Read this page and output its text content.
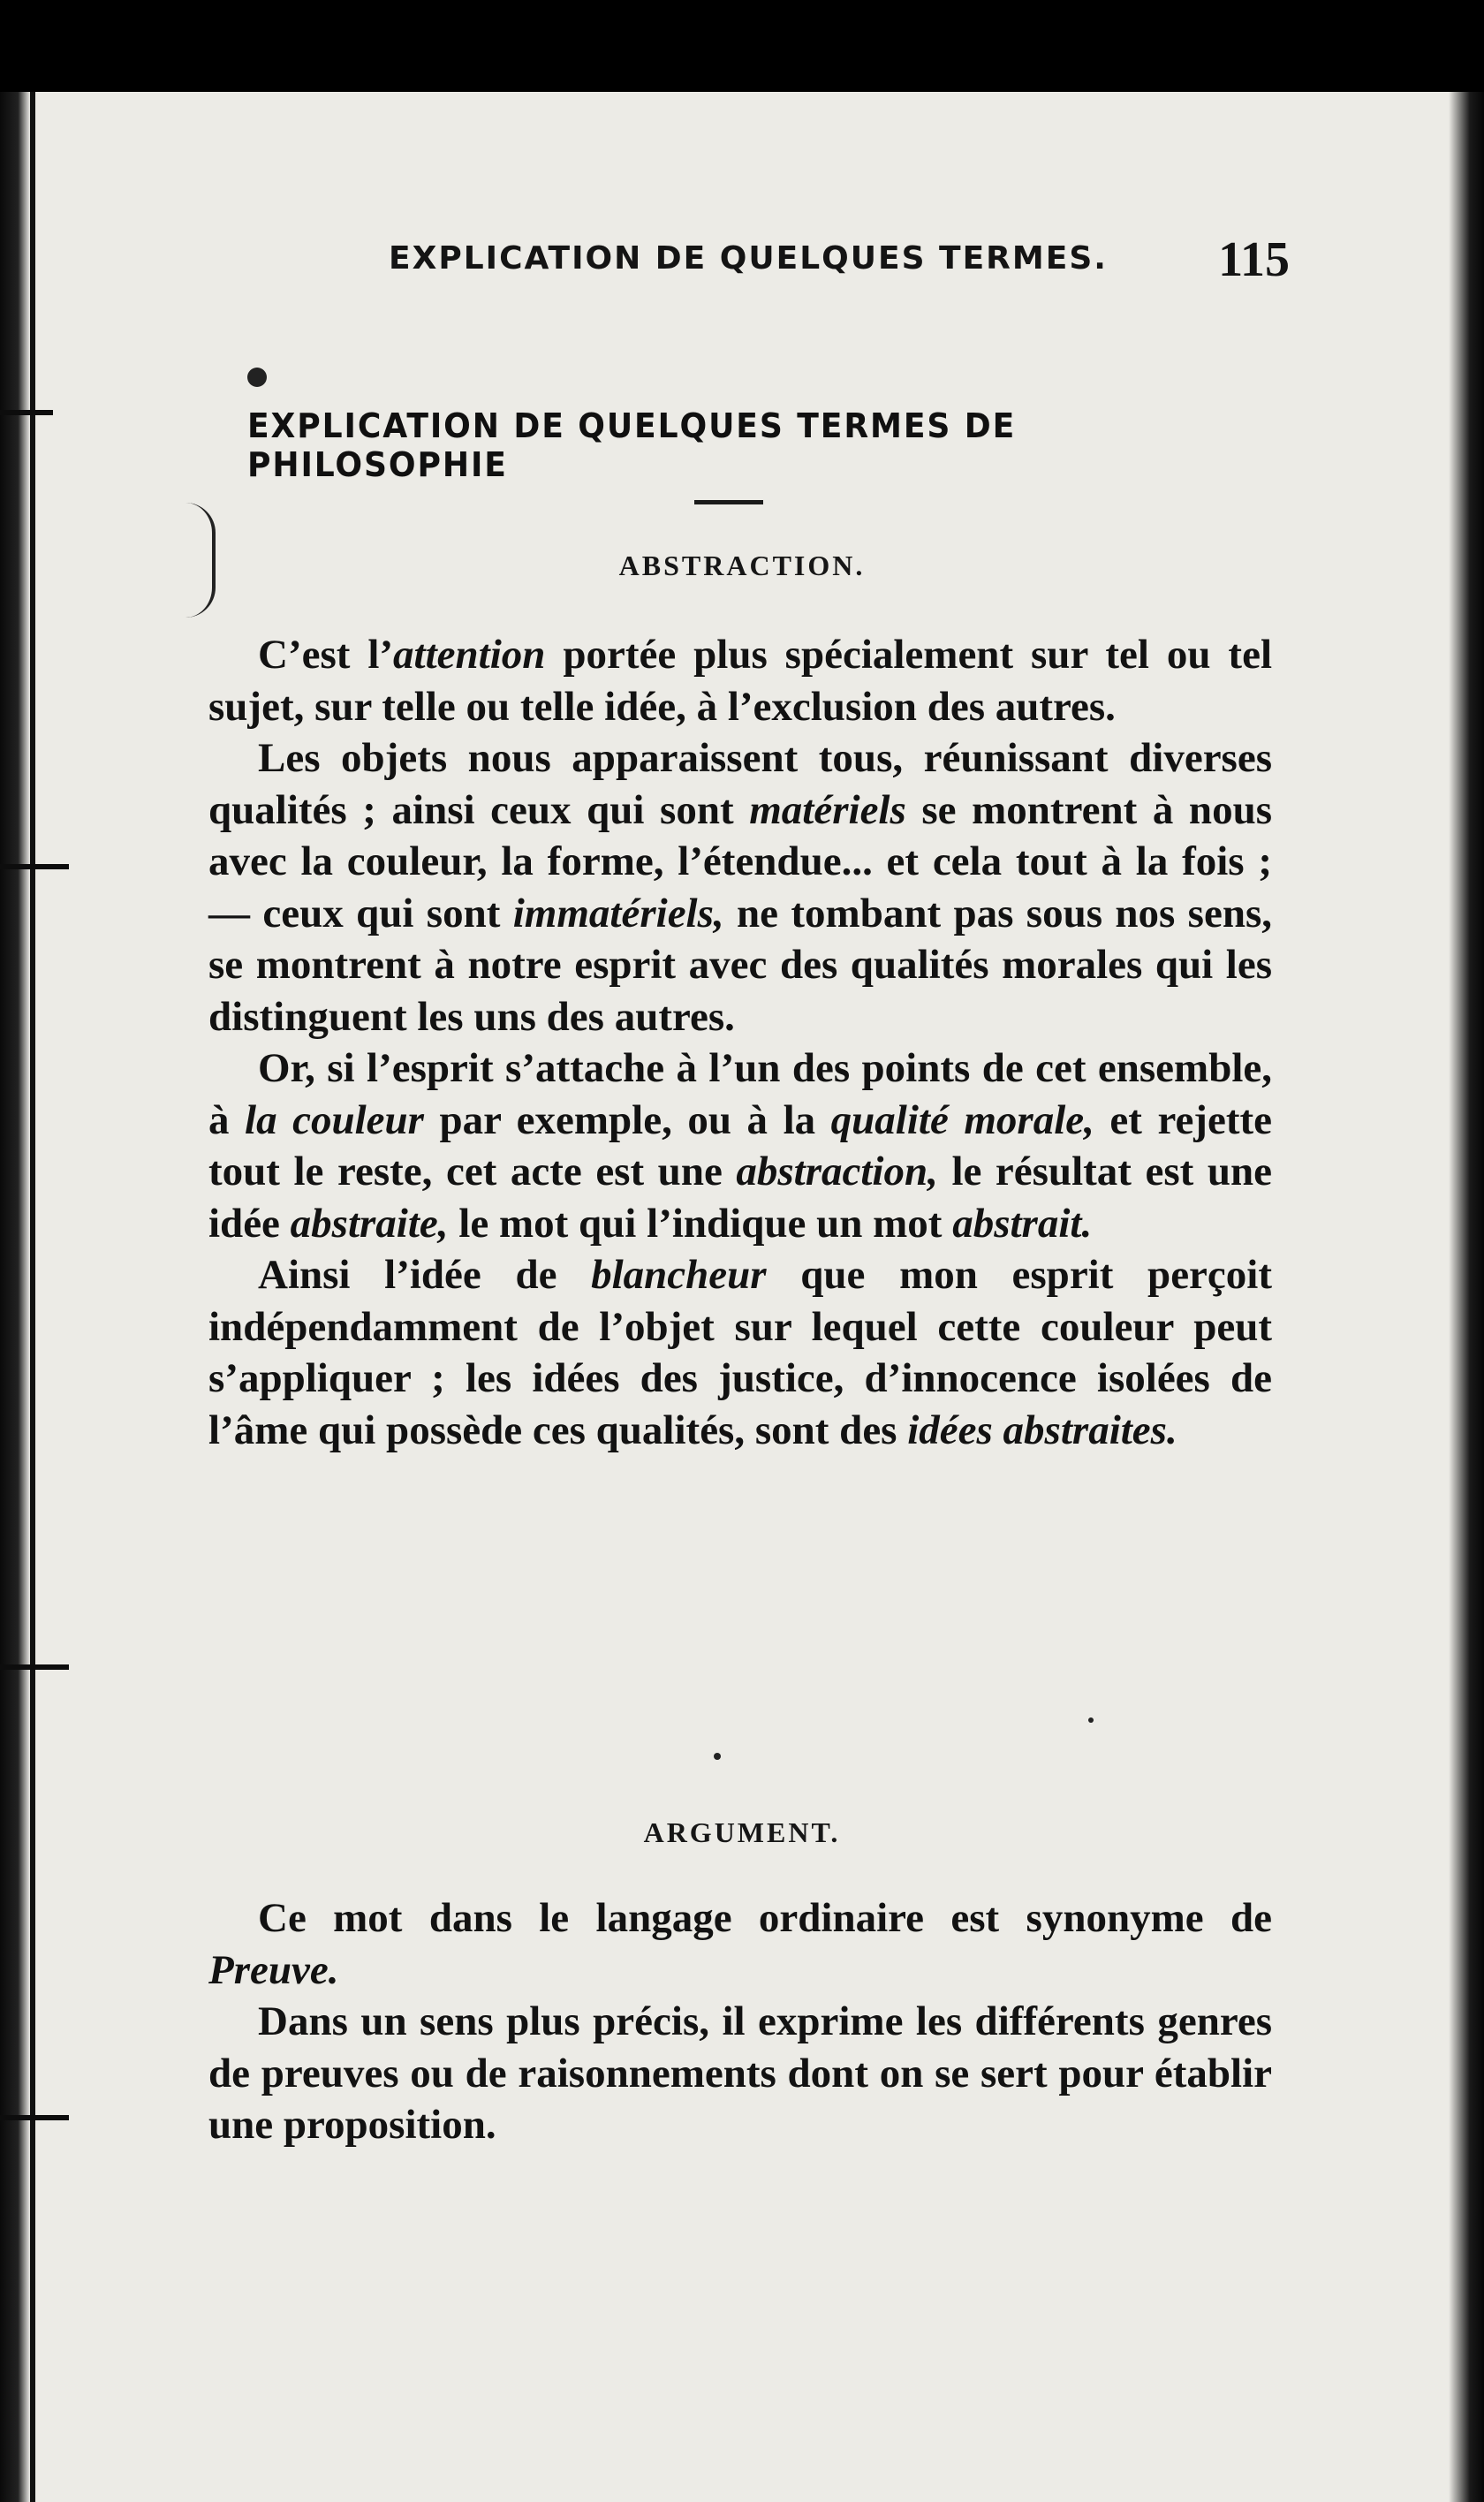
EXPLICATION DE QUELQUES TERMES. 115
EXPLICATION DE QUELQUES TERMES DE PHILOSOPHIE
ABSTRACTION.

C’est l’attention portée plus spécialement sur tel ou tel sujet, sur telle ou telle idée, à l’exclusion des autres.

Les objets nous apparaissent tous, réunissant diverses qualités ; ainsi ceux qui sont matériels se montrent à nous avec la couleur, la forme, l’étendue... et cela tout à la fois ; — ceux qui sont immatériels, ne tombant pas sous nos sens, se montrent à notre esprit avec des qualités morales qui les distinguent les uns des autres.

Or, si l’esprit s’attache à l’un des points de cet ensemble, à la couleur par exemple, ou à la qualité morale, et rejette tout le reste, cet acte est une abstraction, le résultat est une idée abstraite, le mot qui l’indique un mot abstrait.

Ainsi l’idée de blancheur que mon esprit perçoit indépendamment de l’objet sur lequel cette couleur peut s’appliquer ; les idées des justice, d’innocence isolées de l’âme qui possède ces qualités, sont des idées abstraites.

ARGUMENT.

Ce mot dans le langage ordinaire est synonyme de Preuve.

Dans un sens plus précis, il exprime les différents genres de preuves ou de raisonnements dont on se sert pour établir une proposition.
